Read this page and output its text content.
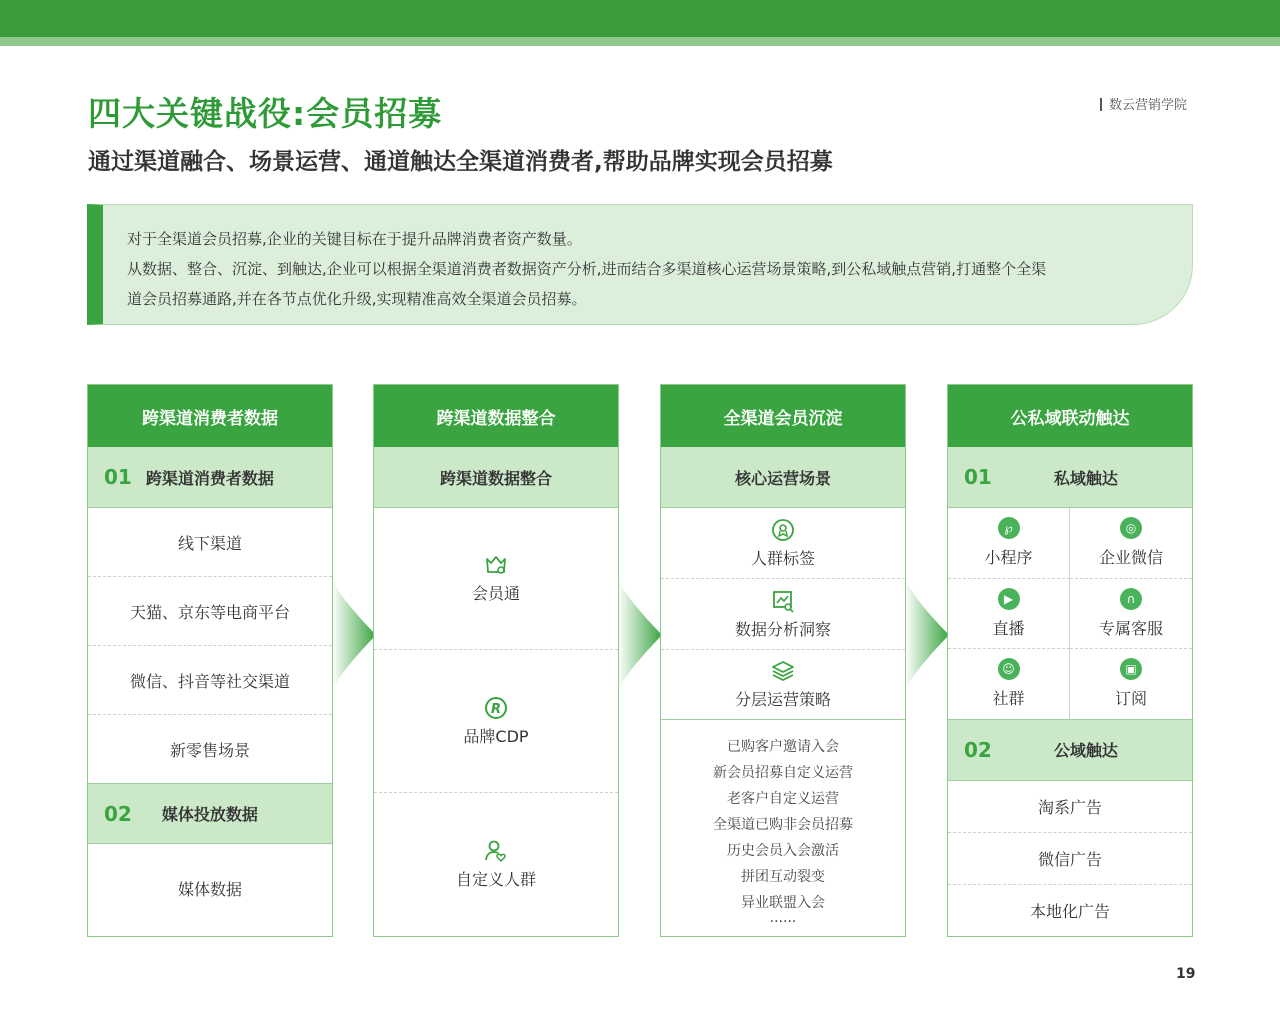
四大关键战役:会员招募
通过渠道融合、场景运营、通道触达全渠道消费者,帮助品牌实现会员招募
数云营销学院

对于全渠道会员招募,企业的关键目标在于提升品牌消费者资产数量。

从数据、整合、沉淀、到触达,企业可以根据全渠道消费者数据资产分析,进而结合多渠道核心运营场景策略,到公私域触点营销,打通整个全渠

道会员招募通路,并在各节点优化升级,实现精准高效全渠道会员招募。

跨渠道消费者数据
01 跨渠道消费者数据
线下渠道
天猫、京东等电商平台
微信、抖音等社交渠道
新零售场景
02 媒体投放数据
媒体数据
跨渠道数据整合
跨渠道数据整合
会员通
R
品牌CDP
自定义人群
全渠道会员沉淀
核心运营场景
人群标签
数据分析洞察
分层运营策略
已购客户邀请入会
新会员招募自定义运营
老客户自定义运营
全渠道已购非会员招募
历史会员入会激活
拼团互动裂变
异业联盟入会
······
公私域联动触达
01	私域触达
℘
小程序
◎
企业微信
▶
直播
∩
专属客服
☺
社群
▣
订阅
02	公域触达
淘系广告
微信广告
本地化广告
19
